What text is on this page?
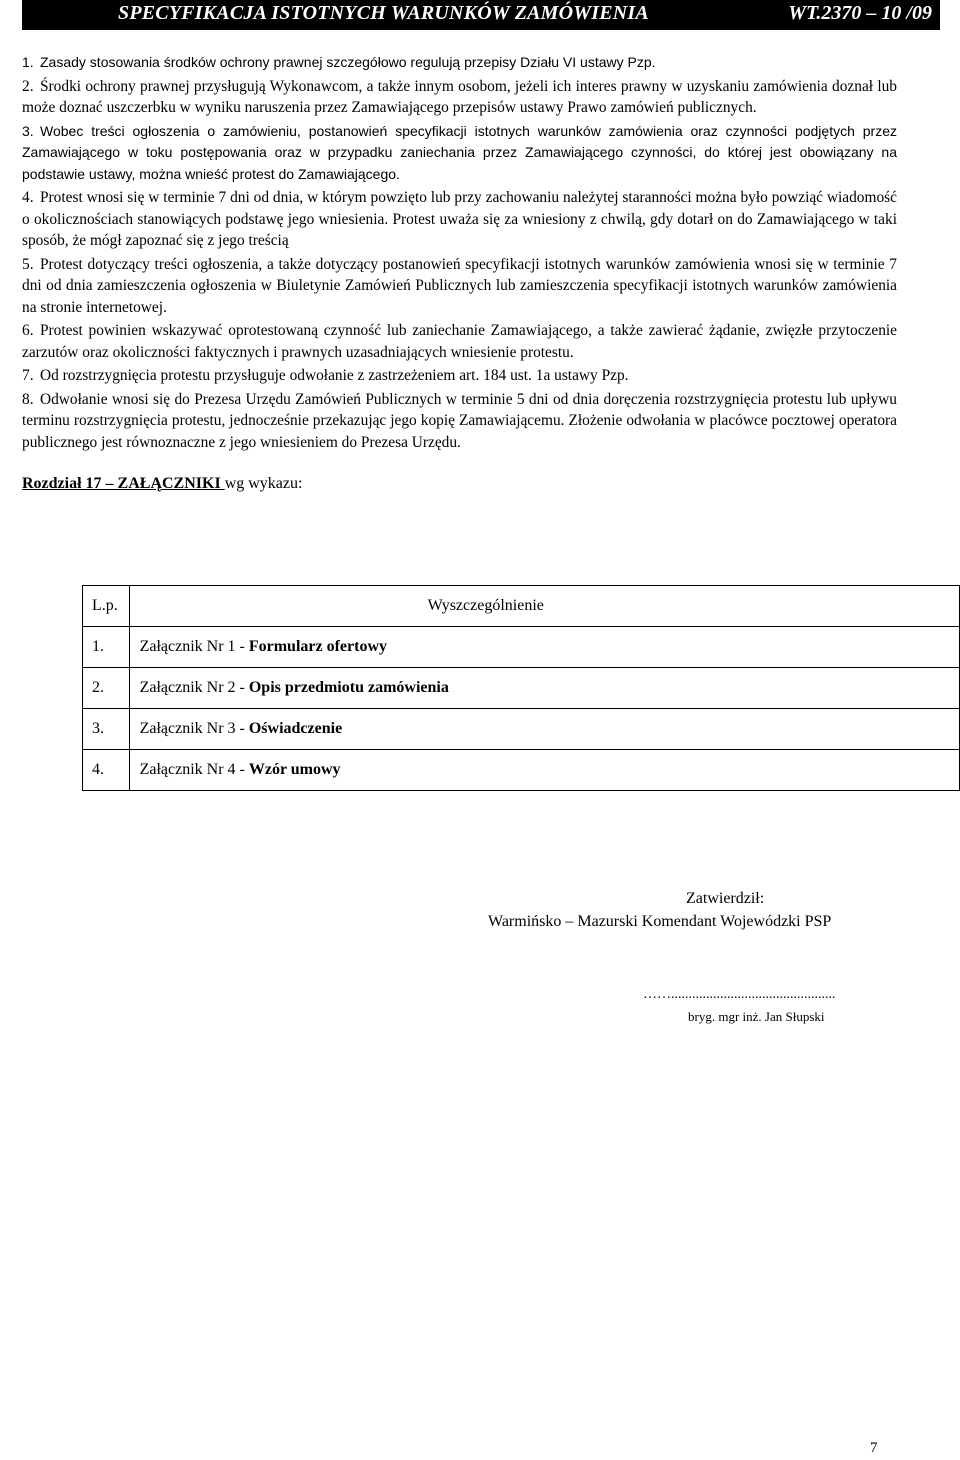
SPECYFIKACJA ISTOTNYCH WARUNKÓW ZAMÓWIENIA	WT.2370 – 10 /09

1. Zasady stosowania środków ochrony prawnej szczegółowo regulują przepisy Działu VI ustawy Pzp.

2. Środki ochrony prawnej przysługują Wykonawcom, a także innym osobom, jeżeli ich interes prawny w uzyskaniu zamówienia doznał lub może doznać uszczerbku w wyniku naruszenia przez Zamawiającego przepisów ustawy Prawo zamówień publicznych.

3. Wobec treści ogłoszenia o zamówieniu, postanowień specyfikacji istotnych warunków zamówienia oraz czynności podjętych przez Zamawiającego w toku postępowania oraz w przypadku zaniechania przez Zamawiającego czynności, do której jest obowiązany na podstawie ustawy, można wnieść protest do Zamawiającego.

4. Protest wnosi się w terminie 7 dni od dnia, w którym powzięto lub przy zachowaniu należytej staranności można było powziąć wiadomość o okolicznościach stanowiących podstawę jego wniesienia. Protest uważa się za wniesiony z chwilą, gdy dotarł on do Zamawiającego w taki sposób, że mógł zapoznać się z jego treścią

5. Protest dotyczący treści ogłoszenia, a także dotyczący postanowień specyfikacji istotnych warunków zamówienia wnosi się w terminie 7 dni od dnia zamieszczenia ogłoszenia w Biuletynie Zamówień Publicznych lub zamieszczenia specyfikacji istotnych warunków zamówienia na stronie internetowej.

6. Protest powinien wskazywać oprotestowaną czynność lub zaniechanie Zamawiającego, a także zawierać żądanie, zwięzłe przytoczenie zarzutów oraz okoliczności faktycznych i prawnych uzasadniających wniesienie protestu.

7. Od rozstrzygnięcia protestu przysługuje odwołanie z zastrzeżeniem art. 184 ust. 1a ustawy Pzp.

8. Odwołanie wnosi się do Prezesa Urzędu Zamówień Publicznych w terminie 5 dni od dnia doręczenia rozstrzygnięcia protestu lub upływu terminu rozstrzygnięcia protestu, jednocześnie przekazując jego kopię Zamawiającemu. Złożenie odwołania w placówce pocztowej operatora publicznego jest równoznaczne z jego wniesieniem do Prezesa Urzędu.

Rozdział 17 – ZAŁĄCZNIKI wg wykazu:
L.p.	Wyszczególnienie
1.	Załącznik Nr 1 - Formularz ofertowy
2.	Załącznik Nr 2 - Opis przedmiotu zamówienia
3.	Załącznik Nr 3 - Oświadczenie
4.	Załącznik Nr 4 - Wzór umowy
Zatwierdził:
Warmińsko – Mazurski Komendant Wojewódzki PSP
……...............................................
bryg. mgr inż. Jan Słupski
7
